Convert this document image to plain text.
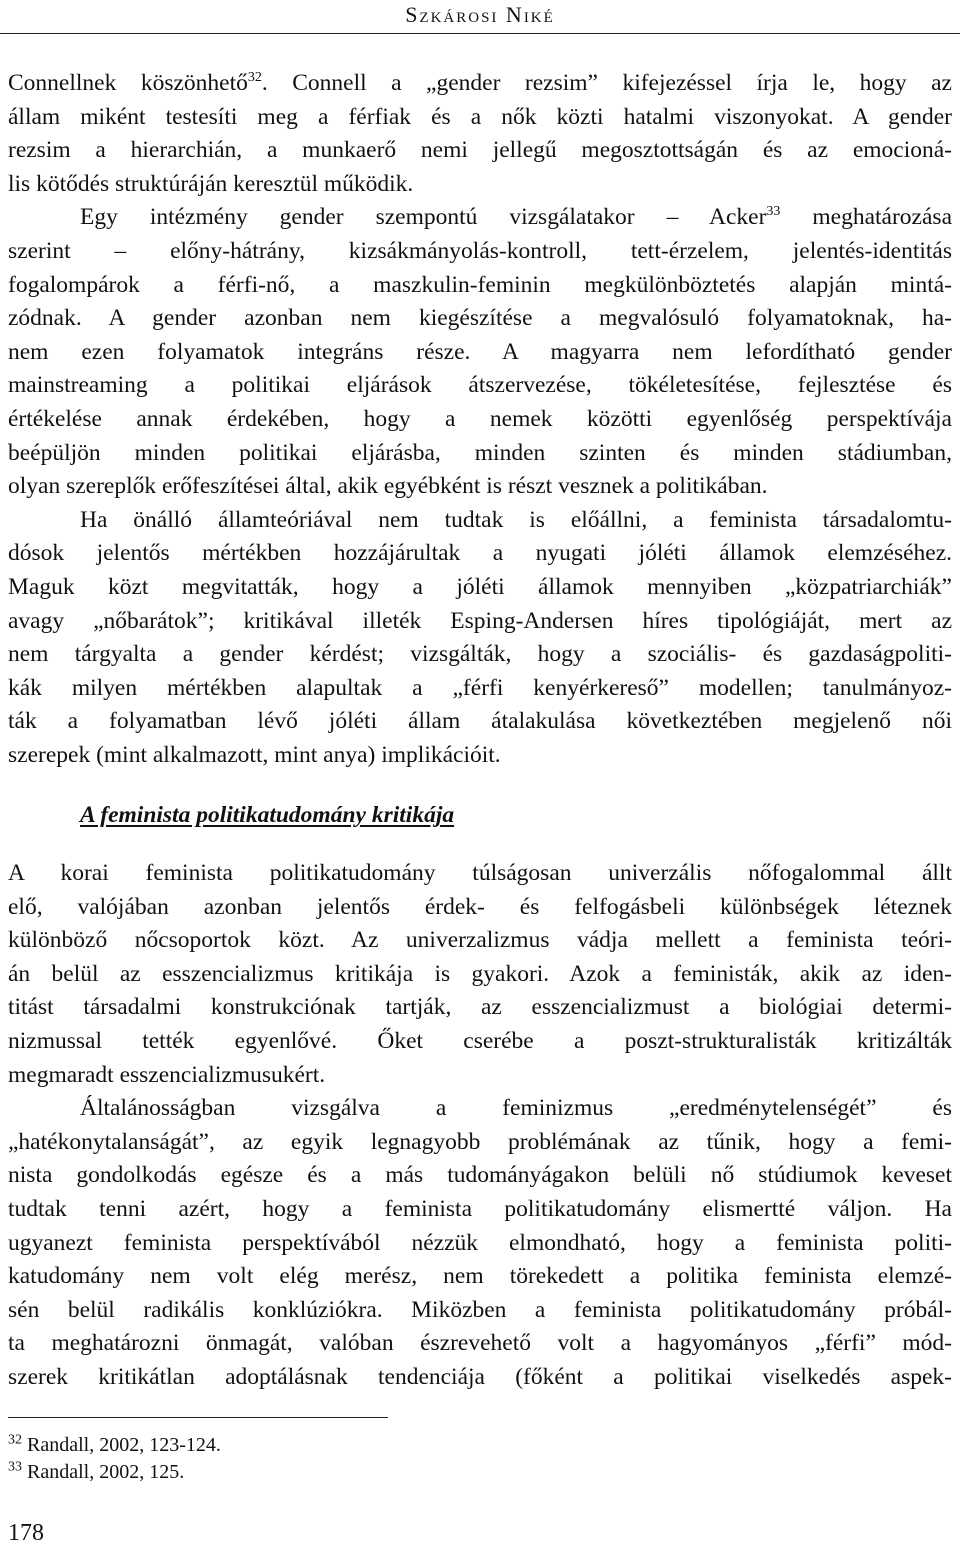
Szkárosi Niké
Connellnek köszönhető$^{32}$. Connell a „gender rezsim” kifejezéssel írja le, hogy az
állam miként testesíti meg a férfiak és a nők közti hatalmi viszonyokat. A gender
rezsim a hierarchián, a munkaerő nemi jellegű megosztottságán és az emocioná-
lis kötődés struktúráján keresztül működik.
Egy intézmény gender szempontú vizsgálatakor – Acker$^{33}$ meghatározása
szerint – előny-hátrány, kizsákmányolás-kontroll, tett-érzelem, jelentés-identitás
fogalompárok a férfi-nő, a maszkulin-feminin megkülönböztetés alapján mintá-
zódnak. A gender azonban nem kiegészítése a megvalósuló folyamatoknak, ha-
nem ezen folyamatok integráns része. A magyarra nem lefordítható gender
mainstreaming a politikai eljárások átszervezése, tökéletesítése, fejlesztése és
értékelése annak érdekében, hogy a nemek közötti egyenlőség perspektívája
beépüljön minden politikai eljárásba, minden szinten és minden stádiumban,
olyan szereplők erőfeszítései által, akik egyébként is részt vesznek a politikában.
Ha önálló államteóriával nem tudtak is előállni, a feminista társadalomtu-
dósok jelentős mértékben hozzájárultak a nyugati jóléti államok elemzéséhez.
Maguk közt megvitatták, hogy a jóléti államok mennyiben „közpatriarchiák”
avagy „nőbarátok”; kritikával illeték Esping-Andersen híres tipológiáját, mert az
nem tárgyalta a gender kérdést; vizsgálták, hogy a szociális- és gazdaságpoliti-
kák milyen mértékben alapultak a „férfi kenyérkereső” modellen; tanulmányoz-
ták a folyamatban lévő jóléti állam átalakulása következtében megjelenő női
szerepek (mint alkalmazott, mint anya) implikációit.
A feminista politikatudomány kritikája
A korai feminista politikatudomány túlságosan univerzális nőfogalommal állt
elő, valójában azonban jelentős érdek- és felfogásbeli különbségek léteznek
különböző nőcsoportok közt. Az univerzalizmus vádja mellett a feminista teóri-
án belül az esszencializmus kritikája is gyakori. Azok a feministák, akik az iden-
titást társadalmi konstrukciónak tartják, az esszencializmust a biológiai determi-
nizmussal tették egyenlővé. Őket cserébe a poszt-strukturalisták kritizálták
megmaradt esszencializmusukért.
Általánosságban vizsgálva a feminizmus „eredménytelenségét” és
„hatékonytalanságát”, az egyik legnagyobb problémának az tűnik, hogy a femi-
nista gondolkodás egésze és a más tudományágakon belüli nő stúdiumok keveset
tudtak tenni azért, hogy a feminista politikatudomány elismertté váljon. Ha
ugyanezt feminista perspektívából nézzük elmondható, hogy a feminista politi-
katudomány nem volt elég merész, nem törekedett a politika feminista elemzé-
sén belül radikális konklúziókra. Miközben a feminista politikatudomány próbál-
ta meghatározni önmagát, valóban észrevehető volt a hagyományos „férfi” mód-
szerek kritikátlan adoptálásnak tendenciája (főként a politikai viselkedés aspek-
$^{32}$ Randall, 2002, 123-124.
$^{33}$ Randall, 2002, 125.
178
